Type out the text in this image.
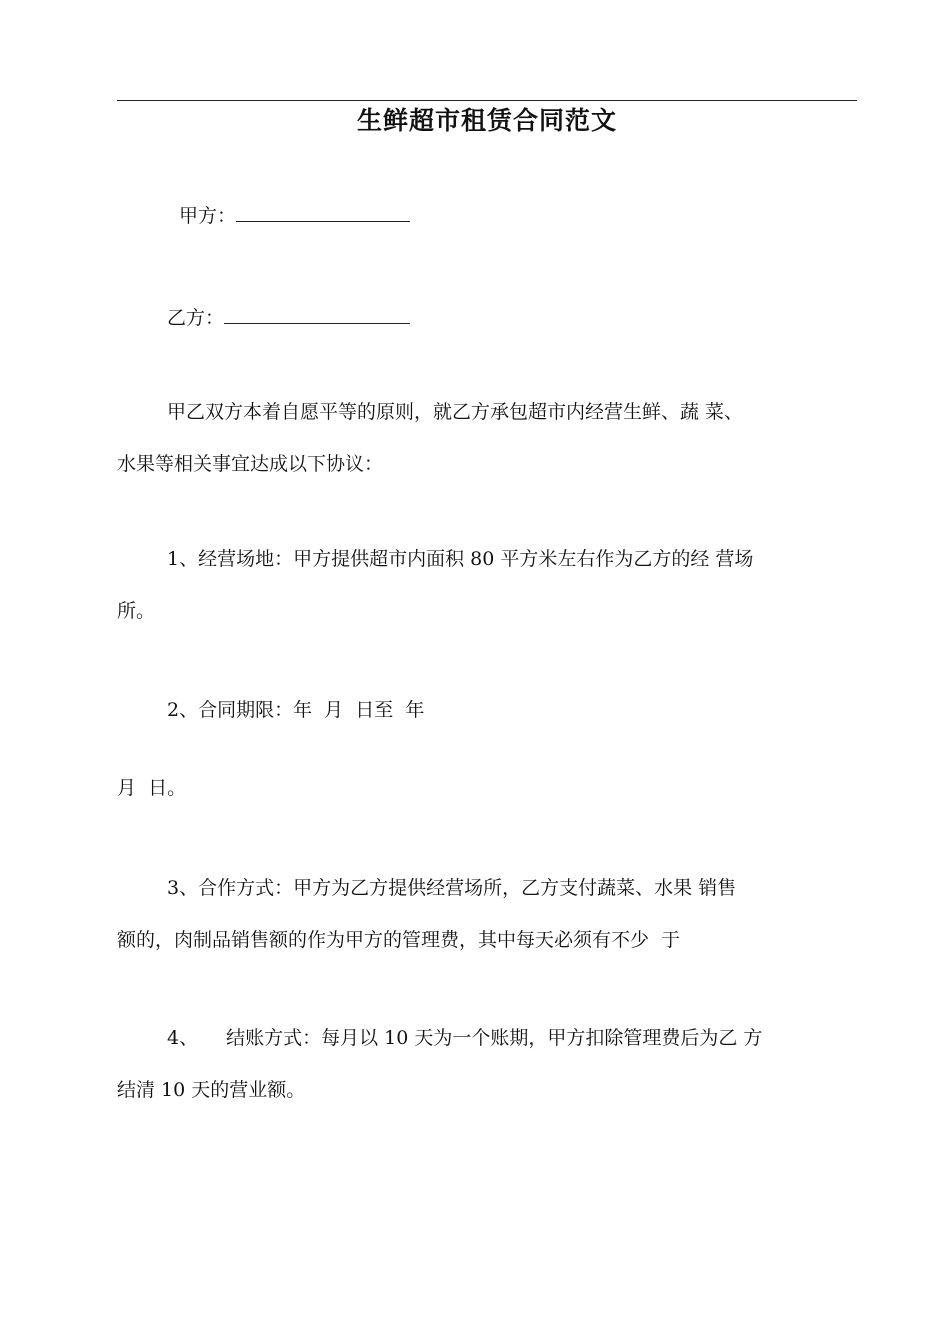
生鲜超市租赁合同范文
甲方：
乙方：
甲乙双方本着自愿平等的原则，就乙方承包超市内经营生鲜、蔬 菜、
水果等相关事宜达成以下协议：
1、经营场地：甲方提供超市内面积 80 平方米左右作为乙方的经 营场
所。
2、合同期限：年  月  日至  年
月  日。
3、合作方式：甲方为乙方提供经营场所，乙方支付蔬菜、水果 销售
额的，肉制品销售额的作为甲方的管理费，其中每天必须有不少  于
4、 结账方式：每月以 10 天为一个账期，甲方扣除管理费后为乙 方
结清 10 天的营业额。
